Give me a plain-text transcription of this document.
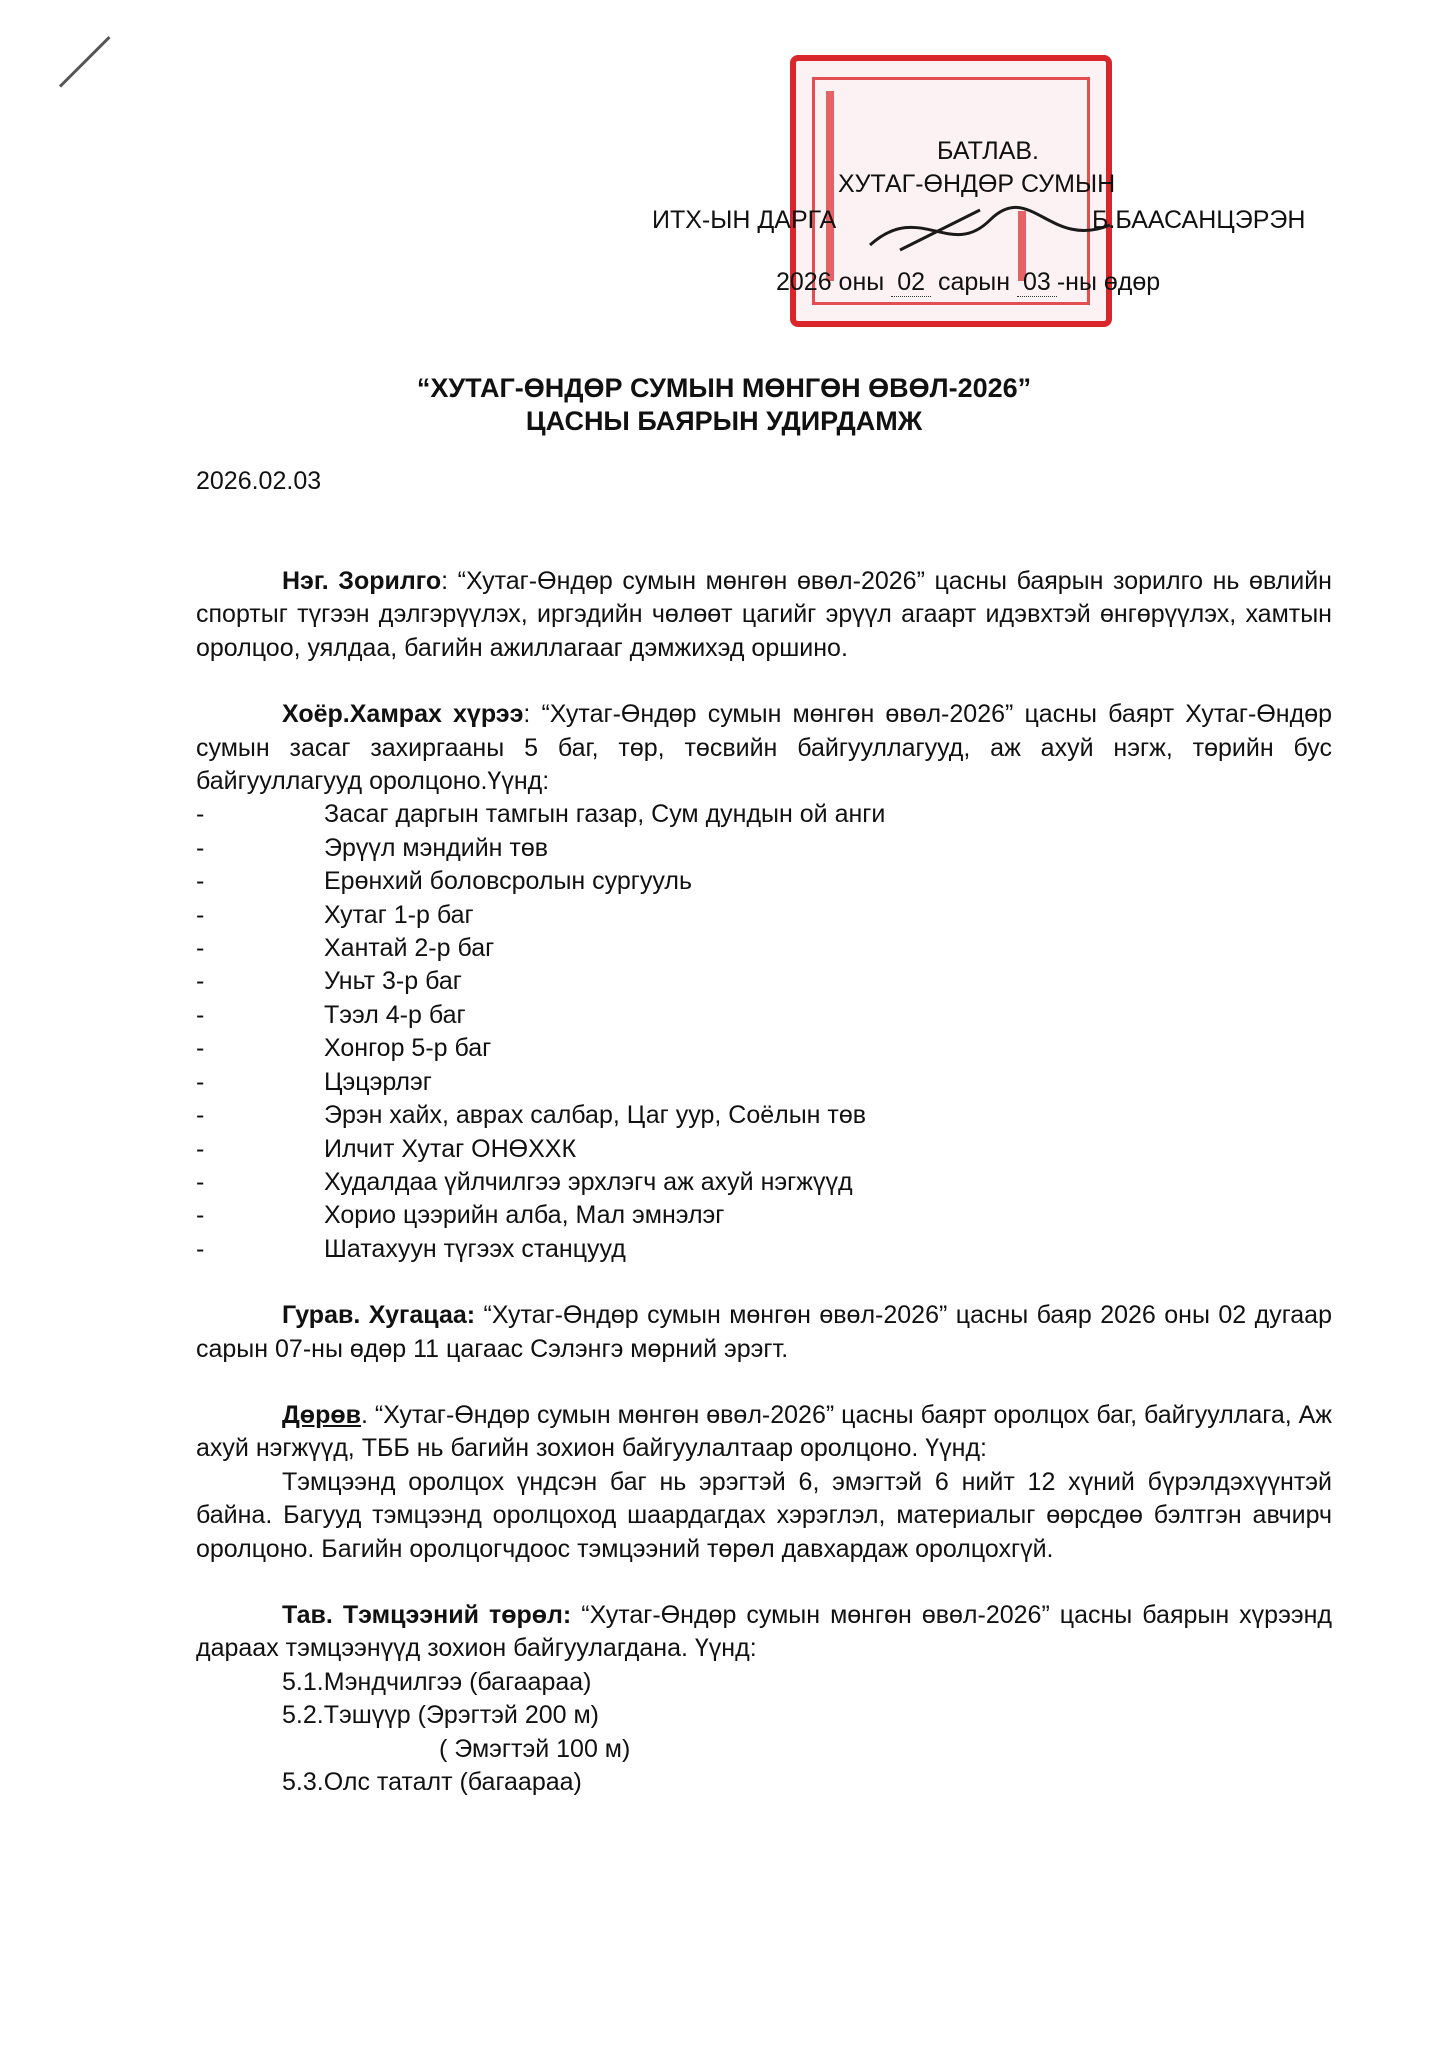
БАТЛАВ.
ХУТАГ-ӨНДӨР СУМЫН
ИТХ-ЫН ДАРГА	Б.БААСАНЦЭРЭН
2026 оны 02 сарын 03 -ны өдөр
“ХУТАГ-ӨНДӨР СУМЫН МӨНГӨН ӨВӨЛ-2026”
ЦАСНЫ БАЯРЫН УДИРДАМЖ
2026.02.03

Нэг. Зорилго: “Хутаг-Өндөр сумын мөнгөн өвөл-2026” цасны баярын зорилго нь өвлийн спортыг түгээн дэлгэрүүлэх, иргэдийн чөлөөт цагийг эрүүл агаарт идэвхтэй өнгөрүүлэх, хамтын оролцоо, уялдаа, багийн ажиллагааг дэмжихэд оршино.

Хоёр.Хамрах хүрээ: “Хутаг-Өндөр сумын мөнгөн өвөл-2026” цасны баярт Хутаг-Өндөр сумын засаг захиргааны 5 баг, төр, төсвийн байгууллагууд, аж ахуй нэгж, төрийн бус байгууллагууд оролцоно.Үүнд:

- Засаг даргын тамгын газар, Сум дундын ой анги
- Эрүүл мэндийн төв
- Ерөнхий боловсролын сургууль
- Хутаг 1-р баг
- Хантай 2-р баг
- Уньт 3-р баг
- Тээл 4-р баг
- Хонгор 5-р баг
- Цэцэрлэг
- Эрэн хайх, аврах салбар, Цаг уур, Соёлын төв
- Илчит Хутаг ОНӨХХК
- Худалдаа үйлчилгээ эрхлэгч аж ахуй нэгжүүд
- Хорио цээрийн алба, Мал эмнэлэг
- Шатахуун түгээх станцууд

Гурав. Хугацаа: “Хутаг-Өндөр сумын мөнгөн өвөл-2026” цасны баяр 2026 оны 02 дугаар сарын 07-ны өдөр 11 цагаас Сэлэнгэ мөрний эрэгт.

Дөрөв. “Хутаг-Өндөр сумын мөнгөн өвөл-2026” цасны баярт оролцох баг, байгууллага, Аж ахуй нэгжүүд, ТББ нь багийн зохион байгуулалтаар оролцоно. Үүнд:

Тэмцээнд оролцох үндсэн баг нь эрэгтэй 6, эмэгтэй 6 нийт 12 хүний бүрэлдэхүүнтэй байна. Багууд тэмцээнд оролцоход шаардагдах хэрэглэл, материалыг өөрсдөө бэлтгэн авчирч оролцоно. Багийн оролцогчдоос тэмцээний төрөл давхардаж оролцохгүй.

Тав. Тэмцээний төрөл: “Хутаг-Өндөр сумын мөнгөн өвөл-2026” цасны баярын хүрээнд дараах тэмцээнүүд зохион байгуулагдана. Үүнд:

5.1.Мэндчилгээ (багаараа)
5.2.Тэшүүр (Эрэгтэй 200 м)
( Эмэгтэй 100 м)
5.3.Олс таталт (багаараа)
